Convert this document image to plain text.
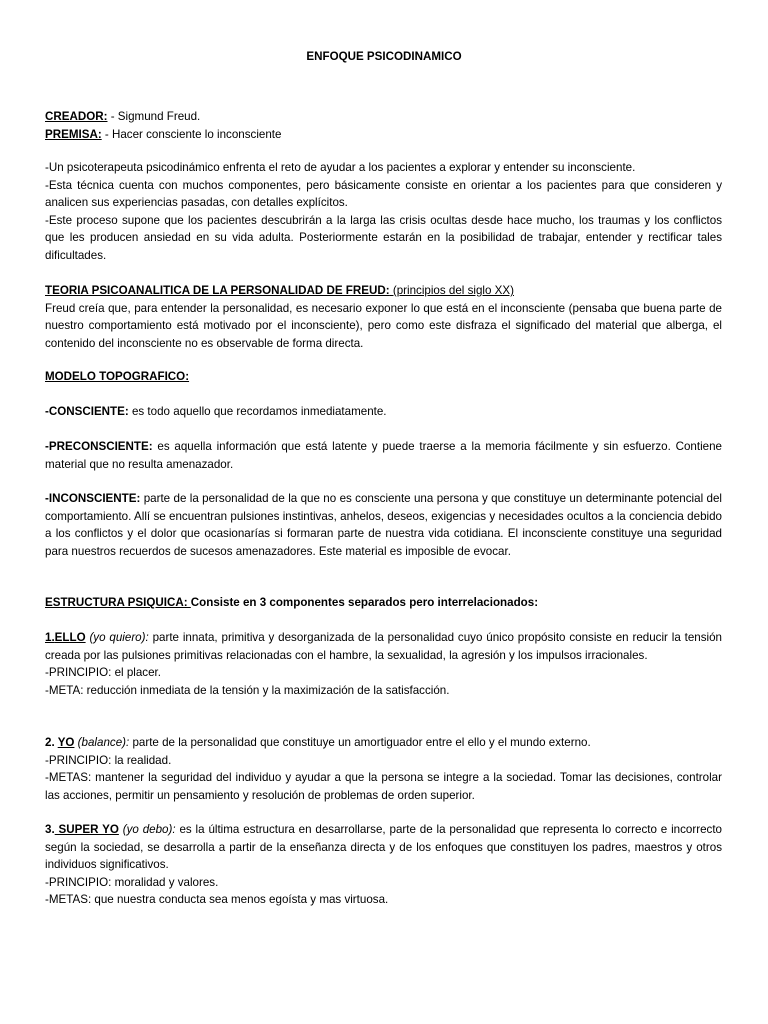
ENFOQUE PSICODINAMICO

CREADOR: - Sigmund Freud.

PREMISA: - Hacer consciente lo inconsciente

-Un psicoterapeuta psicodinámico enfrenta el reto de ayudar a los pacientes a explorar y entender su inconsciente.

-Esta técnica cuenta con muchos componentes, pero básicamente consiste en orientar a los pacientes para que consideren y analicen sus experiencias pasadas, con detalles explícitos.

-Este proceso supone que los pacientes descubrirán a la larga las crisis ocultas desde hace mucho, los traumas y los conflictos que les producen ansiedad en su vida adulta. Posteriormente estarán en la posibilidad de trabajar, entender y rectificar tales dificultades.

TEORIA PSICOANALITICA DE LA PERSONALIDAD DE FREUD: (principios del siglo XX)

Freud creía que, para entender la personalidad, es necesario exponer lo que está en el inconsciente (pensaba que buena parte de nuestro comportamiento está motivado por el inconsciente), pero como este disfraza el significado del material que alberga, el contenido del inconsciente no es observable de forma directa.

MODELO TOPOGRAFICO:

-CONSCIENTE: es todo aquello que recordamos inmediatamente.

-PRECONSCIENTE: es aquella información que está latente y puede traerse a la memoria fácilmente y sin esfuerzo. Contiene material que no resulta amenazador.

-INCONSCIENTE: parte de la personalidad de la que no es consciente una persona y que constituye un determinante potencial del comportamiento. Allí se encuentran pulsiones instintivas, anhelos, deseos, exigencias y necesidades ocultos a la conciencia debido a los conflictos y el dolor que ocasionarías si formaran parte de nuestra vida cotidiana. El inconsciente constituye una seguridad para nuestros recuerdos de sucesos amenazadores. Este material es imposible de evocar.

ESTRUCTURA PSIQUICA: Consiste en 3 componentes separados pero interrelacionados:

1.ELLO (yo quiero): parte innata, primitiva y desorganizada de la personalidad cuyo único propósito consiste en reducir la tensión creada por las pulsiones primitivas relacionadas con el hambre, la sexualidad, la agresión y los impulsos irracionales.

-PRINCIPIO: el placer.

-META: reducción inmediata de la tensión y la maximización de la satisfacción.

2. YO (balance): parte de la personalidad que constituye un amortiguador entre el ello y el mundo externo.

-PRINCIPIO: la realidad.

-METAS: mantener la seguridad del individuo y ayudar a que la persona se integre a la sociedad. Tomar las decisiones, controlar las acciones, permitir un pensamiento y resolución de problemas de orden superior.

3. SUPER YO (yo debo): es la última estructura en desarrollarse, parte de la personalidad que representa lo correcto e incorrecto según la sociedad, se desarrolla a partir de la enseñanza directa y de los enfoques que constituyen los padres, maestros y otros individuos significativos.

-PRINCIPIO: moralidad y valores.

-METAS: que nuestra conducta sea menos egoísta y mas virtuosa.
